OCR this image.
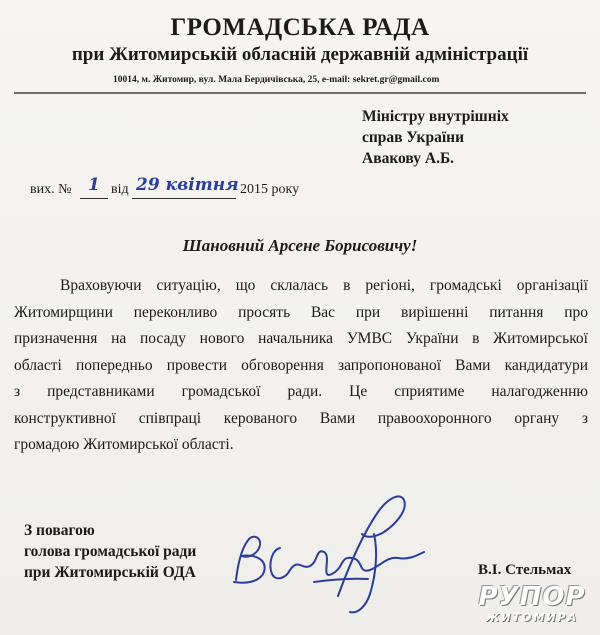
ГРОМАДСЬКА РАДА
при Житомирській обласній державній адміністрації
10014, м. Житомир, вул. Мала Бердичівська, 25, e-mail: sekret.gr@gmail.com
Міністру внутрішніх
справ України
Авакову А.Б.
вих. № 1 від 29 квітня 2015 року
Шановний Арсене Борисовичу!
Враховуючи ситуацію, що склалась в регіоні, громадські організації
Житомирщини переконливо просять Вас при вирішенні питання про
призначення на посаду нового начальника УМВС України в Житомирської
області попередньо провести обговорення запропонованої Вами кандидатури
з представниками громадської ради. Це сприятиме налагодженню
конструктивної співпраці керованого Вами правоохоронного органу з
громадою Житомирської області.
З повагою
голова громадської ради
при Житомирській ОДА	В.І. Стельмах
РУПОР
ЖИТОМИРА
